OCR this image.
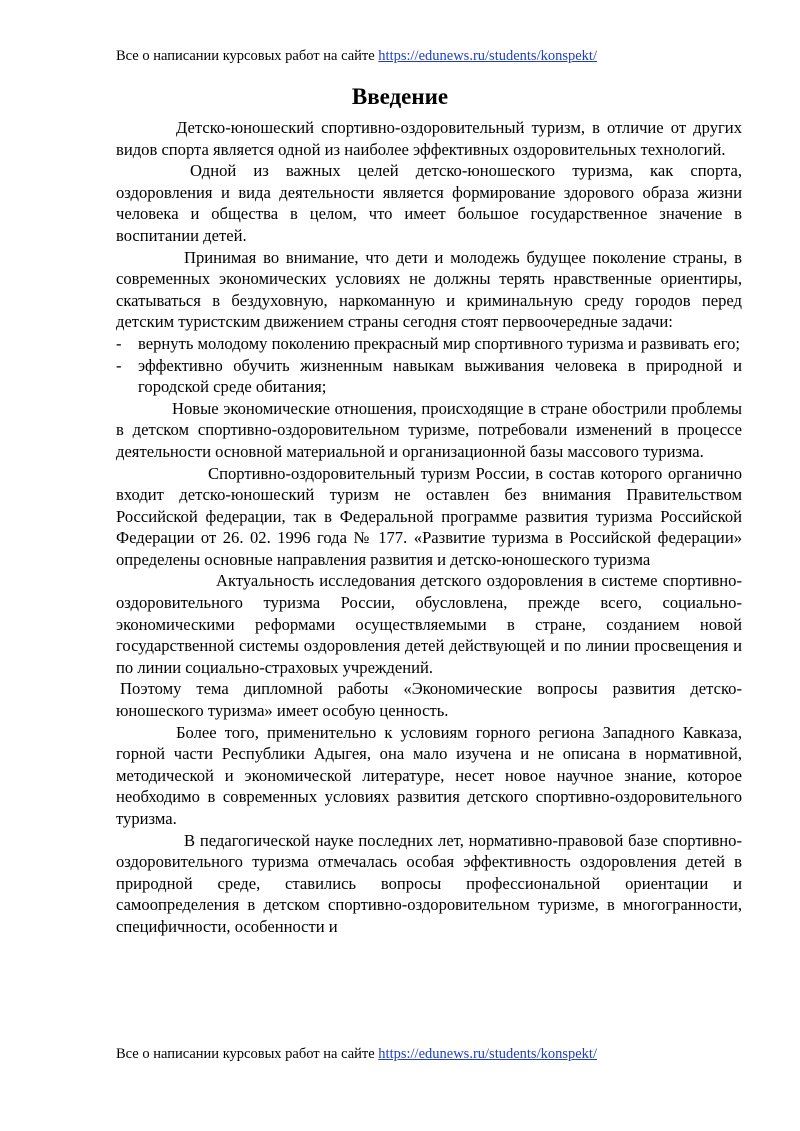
Все о написании курсовых работ на сайте https://edunews.ru/students/konspekt/
Введение

Детско-юношеский спортивно-оздоровительный туризм, в отличие от других видов спорта является одной из наиболее эффективных оздоровительных технологий.

Одной из важных целей детско-юношеского туризма, как спорта, оздоровления и вида деятельности является формирование здорового образа жизни человека и общества в целом, что имеет большое государственное значение в воспитании детей.

Принимая во внимание, что дети и молодежь будущее поколение страны, в современных экономических условиях не должны терять нравственные ориентиры, скатываться в бездуховную, наркоманную и криминальную среду городов перед детским туристским движением страны сегодня стоят первоочередные задачи:

- вернуть молодому поколению прекрасный мир спортивного туризма и развивать его;
- эффективно обучить жизненным навыкам выживания человека в природной и городской среде обитания;

Новые экономические отношения, происходящие в стране обострили проблемы в детском спортивно-оздоровительном туризме, потребовали изменений в процессе деятельности основной материальной и организационной базы массового туризма.

Спортивно-оздоровительный туризм России, в состав которого органично входит детско-юношеский туризм не оставлен без внимания Правительством Российской федерации, так в Федеральной программе развития туризма Российской Федерации от 26. 02. 1996 года № 177. «Развитие туризма в Российской федерации» определены основные направления развития и детско-юношеского туризма

Актуальность исследования детского оздоровления в системе спортивно-оздоровительного туризма России, обусловлена, прежде всего, социально-экономическими реформами осуществляемыми в стране, созданием новой государственной системы оздоровления детей действующей и по линии просвещения и по линии социально-страховых учреждений.

Поэтому тема дипломной работы «Экономические вопросы развития детско-юношеского туризма» имеет особую ценность.

Более того, применительно к условиям горного региона Западного Кавказа, горной части Республики Адыгея, она мало изучена и не описана в нормативной, методической и экономической литературе, несет новое научное знание, которое необходимо в современных условиях развития детского спортивно-оздоровительного туризма.

В педагогической науке последних лет, нормативно-правовой базе спортивно-оздоровительного туризма отмечалась особая эффективность оздоровления детей в природной среде, ставились вопросы профессиональной ориентации и самоопределения в детском спортивно-оздоровительном туризме, в многогранности, специфичности, особенности и

Все о написании курсовых работ на сайте https://edunews.ru/students/konspekt/
